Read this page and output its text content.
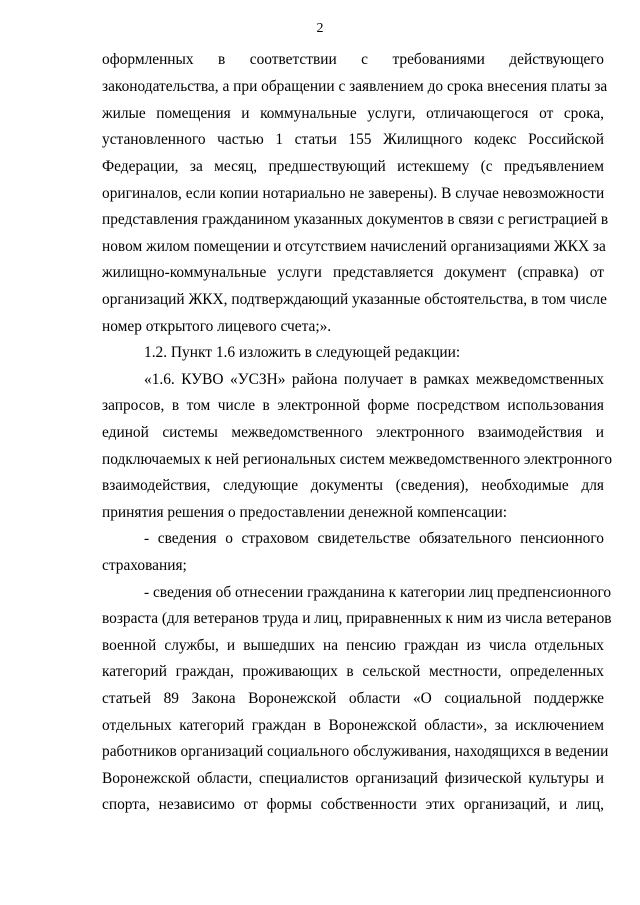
2
оформленных в соответствии с требованиями действующего
законодательства, а при обращении с заявлением до срока внесения платы за
жилые помещения и коммунальные услуги, отличающегося от срока,
установленного частью 1 статьи 155 Жилищного кодекс Российской
Федерации, за месяц, предшествующий истекшему (с предъявлением
оригиналов, если копии нотариально не заверены). В случае невозможности
представления гражданином указанных документов в связи с регистрацией в
новом жилом помещении и отсутствием начислений организациями ЖКХ за
жилищно-коммунальные услуги представляется документ (справка) от
организаций ЖКХ, подтверждающий указанные обстоятельства, в том числе
номер открытого лицевого счета;».
1.2. Пункт 1.6 изложить в следующей редакции:
«1.6. КУВО «УСЗН» района получает в рамках межведомственных
запросов, в том числе в электронной форме посредством использования
единой системы межведомственного электронного взаимодействия и
подключаемых к ней региональных систем межведомственного электронного
взаимодействия, следующие документы (сведения), необходимые для
принятия решения о предоставлении денежной компенсации:
- сведения о страховом свидетельстве обязательного пенсионного
страхования;
- сведения об отнесении гражданина к категории лиц предпенсионного
возраста (для ветеранов труда и лиц, приравненных к ним из числа ветеранов
военной службы, и вышедших на пенсию граждан из числа отдельных
категорий граждан, проживающих в сельской местности, определенных
статьей 89 Закона Воронежской области «О социальной поддержке
отдельных категорий граждан в Воронежской области», за исключением
работников организаций социального обслуживания, находящихся в ведении
Воронежской области, специалистов организаций физической культуры и
спорта, независимо от формы собственности этих организаций, и лиц,
